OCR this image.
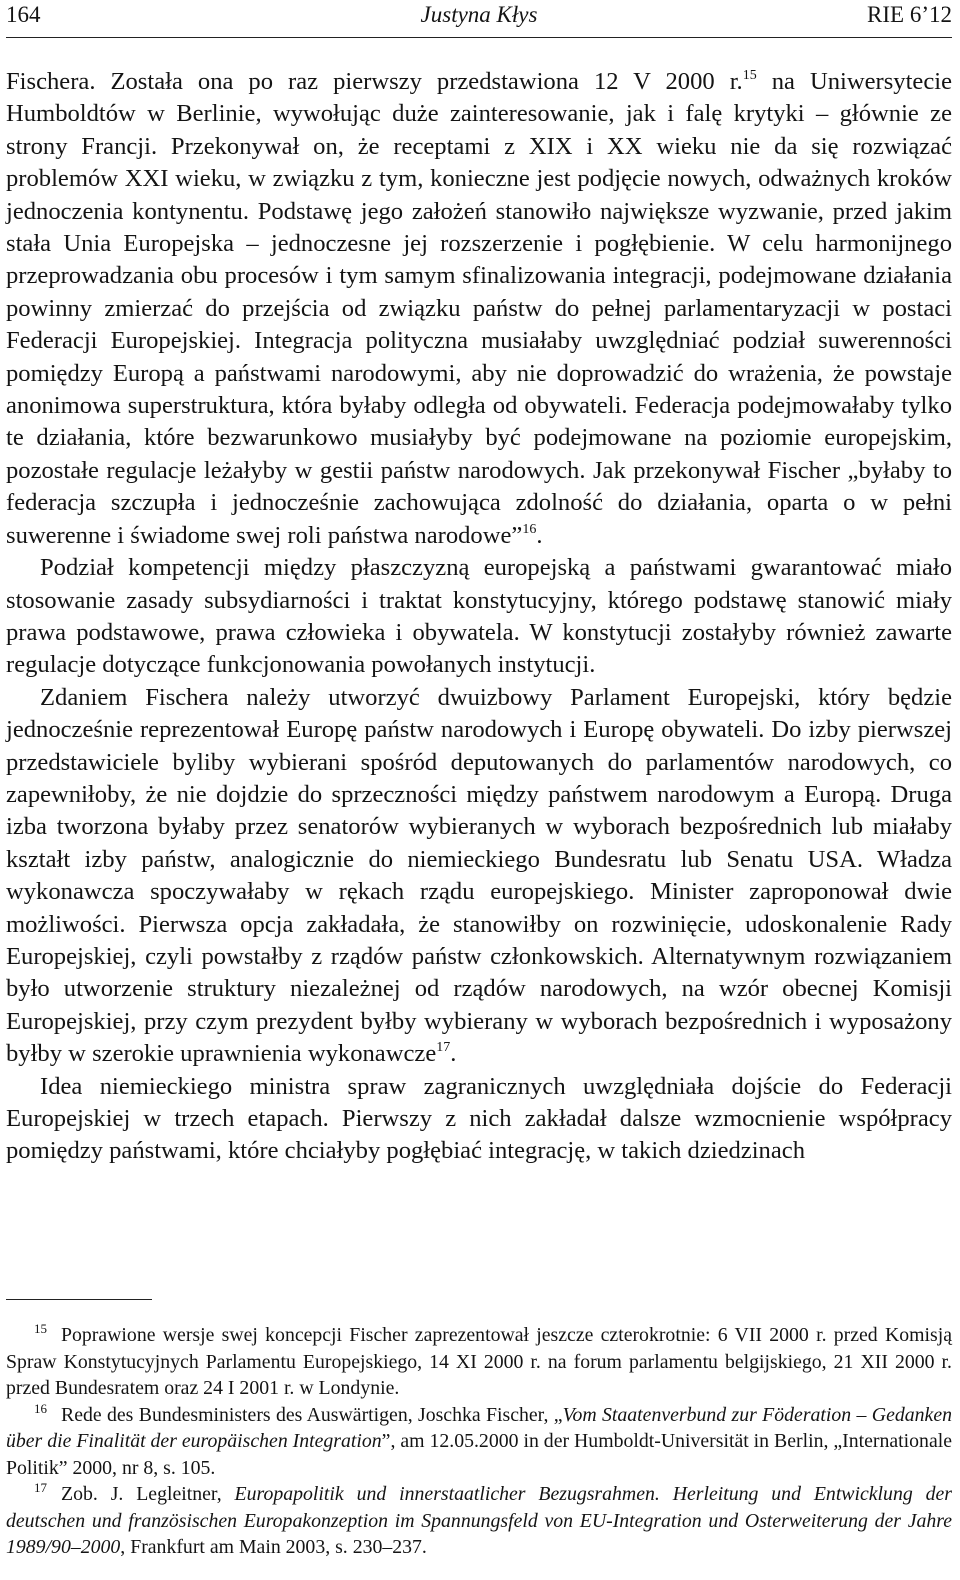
164	Justyna Kłys	RIE 6’12

Fischera. Została ona po raz pierwszy przedstawiona 12 V 2000 r.$^{15}$ na Uniwersytecie Humboldtów w Berlinie, wywołując duże zainteresowanie, jak i falę krytyki – głównie ze strony Francji. Przekonywał on, że receptami z XIX i XX wieku nie da się rozwiązać problemów XXI wieku, w związku z tym, konieczne jest podjęcie nowych, odważnych kroków jednoczenia kontynentu. Podstawę jego założeń stanowiło największe wyzwanie, przed jakim stała Unia Europejska – jednoczesne jej rozszerzenie i pogłębienie. W celu harmonijnego przeprowadzania obu procesów i tym samym sfinalizowania integracji, podejmowane działania powinny zmierzać do przejścia od związku państw do pełnej parlamentaryzacji w postaci Federacji Europejskiej. Integracja polityczna musiałaby uwzględniać podział suwerenności pomiędzy Europą a państwami narodowymi, aby nie doprowadzić do wrażenia, że powstaje anonimowa superstruktura, która byłaby odległa od obywateli. Federacja podejmowałaby tylko te działania, które bezwarunkowo musiałyby być podejmowane na poziomie europejskim, pozostałe regulacje leżałyby w gestii państw narodowych. Jak przekonywał Fischer „byłaby to federacja szczupła i jednocześnie zachowująca zdolność do działania, oparta o w pełni suwerenne i świadome swej roli państwa narodowe”$^{16}$.

Podział kompetencji między płaszczyzną europejską a państwami gwarantować miało stosowanie zasady subsydiarności i traktat konstytucyjny, którego podstawę stanowić miały prawa podstawowe, prawa człowieka i obywatela. W konstytucji zostałyby również zawarte regulacje dotyczące funkcjonowania powołanych instytucji.

Zdaniem Fischera należy utworzyć dwuizbowy Parlament Europejski, który będzie jednocześnie reprezentował Europę państw narodowych i Europę obywateli. Do izby pierwszej przedstawiciele byliby wybierani spośród deputowanych do parlamentów narodowych, co zapewniłoby, że nie dojdzie do sprzeczności między państwem narodowym a Europą. Druga izba tworzona byłaby przez senatorów wybieranych w wyborach bezpośrednich lub miałaby kształt izby państw, analogicznie do niemieckiego Bundesratu lub Senatu USA. Władza wykonawcza spoczywałaby w rękach rządu europejskiego. Minister zaproponował dwie możliwości. Pierwsza opcja zakładała, że stanowiłby on rozwinięcie, udoskonalenie Rady Europejskiej, czyli powstałby z rządów państw członkowskich. Alternatywnym rozwiązaniem było utworzenie struktury niezależnej od rządów narodowych, na wzór obecnej Komisji Europejskiej, przy czym prezydent byłby wybierany w wyborach bezpośrednich i wyposażony byłby w szerokie uprawnienia wykonawcze$^{17}$.

Idea niemieckiego ministra spraw zagranicznych uwzględniała dojście do Federacji Europejskiej w trzech etapach. Pierwszy z nich zakładał dalsze wzmocnienie współpracy pomiędzy państwami, które chciałyby pogłębiać integrację, w takich dziedzinach

$^{15}$ Poprawione wersje swej koncepcji Fischer zaprezentował jeszcze czterokrotnie: 6 VII 2000 r. przed Komisją Spraw Konstytucyjnych Parlamentu Europejskiego, 14 XI 2000 r. na forum parlamentu belgijskiego, 21 XII 2000 r. przed Bundesratem oraz 24 I 2001 r. w Londynie.

$^{16}$ Rede des Bundesministers des Auswärtigen, Joschka Fischer, „Vom Staatenverbund zur Föderation – Gedanken über die Finalität der europäischen Integration”, am 12.05.2000 in der Humboldt-Universität in Berlin, „Internationale Politik” 2000, nr 8, s. 105.

$^{17}$ Zob. J. Legleitner, Europapolitik und innerstaatlicher Bezugsrahmen. Herleitung und Entwicklung der deutschen und französischen Europakonzeption im Spannungsfeld von EU-Integration und Osterweiterung der Jahre 1989/90–2000, Frankfurt am Main 2003, s. 230–237.
